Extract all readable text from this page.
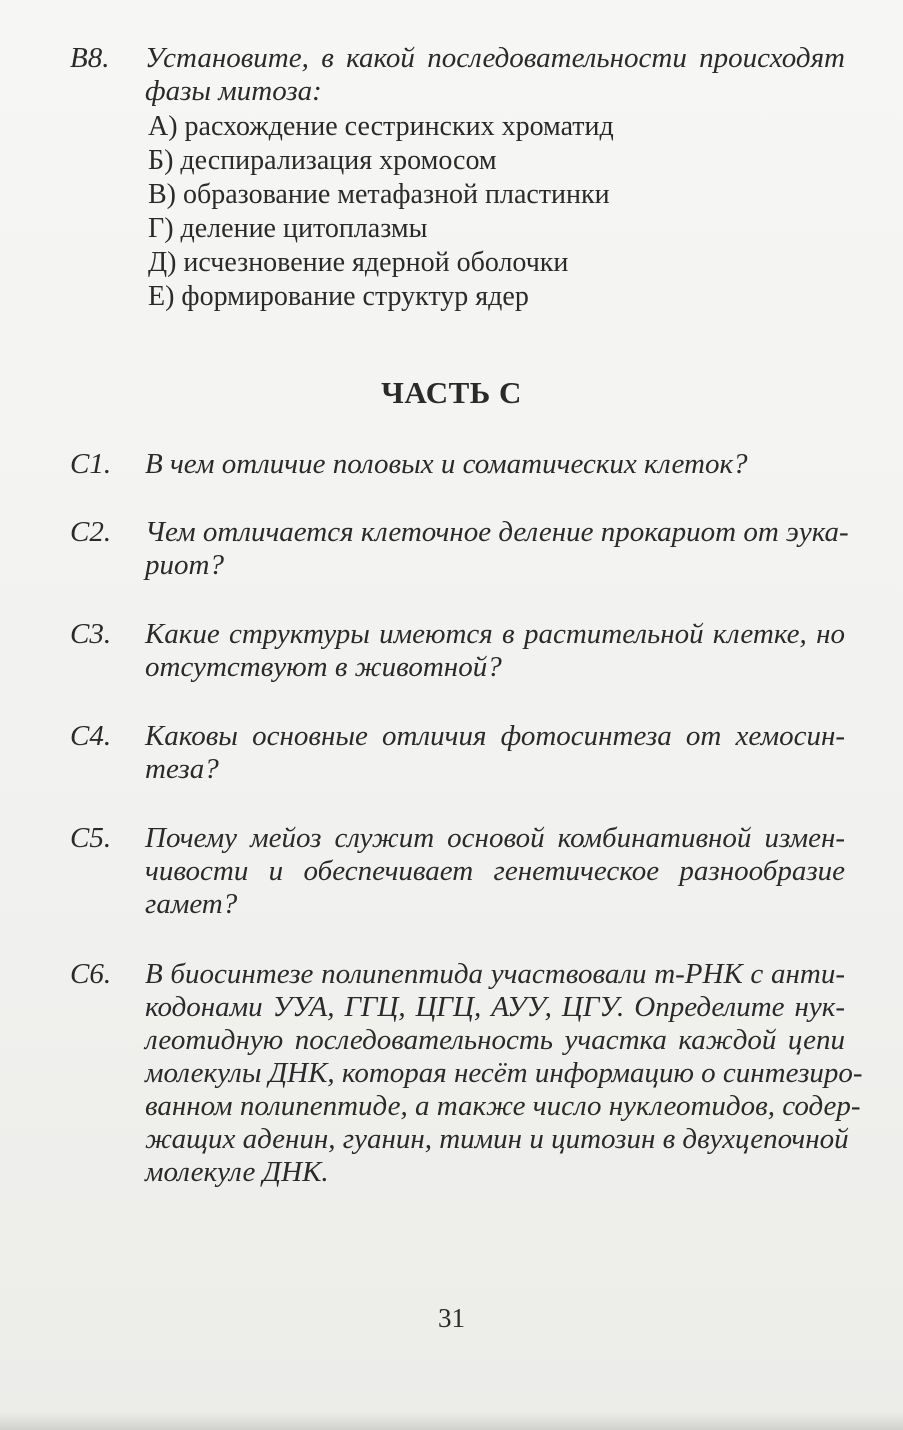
B8.	Установите, в какой последовательности происходят
фазы митоза:
А) расхождение сестринских хроматид
Б) деспирализация хромосом
В) образование метафазной пластинки
Г) деление цитоплазмы
Д) исчезновение ядерной оболочки
Е) формирование структур ядер
ЧАСТЬ С
С1.	В чем отличие половых и соматических клеток?
С2.	Чем отличается клеточное деление прокариот от эука-
риот?
С3.	Какие структуры имеются в растительной клетке, но
отсутствуют в животной?
С4.	Каковы основные отличия фотосинтеза от хемосин-
теза?
С5.	Почему мейоз служит основой комбинативной измен-
чивости и обеспечивает генетическое разнообразие
гамет?
С6.	В биосинтезе полипептида участвовали т-РНК с анти-
кодонами УУА, ГГЦ, ЦГЦ, АУУ, ЦГУ. Определите нук-
леотидную последовательность участка каждой цепи
молекулы ДНК, которая несёт информацию о синтезиро-
ванном полипептиде, а также число нуклеотидов, содер-
жащих аденин, гуанин, тимин и цитозин в двухцепочной
молекуле ДНК.
31
